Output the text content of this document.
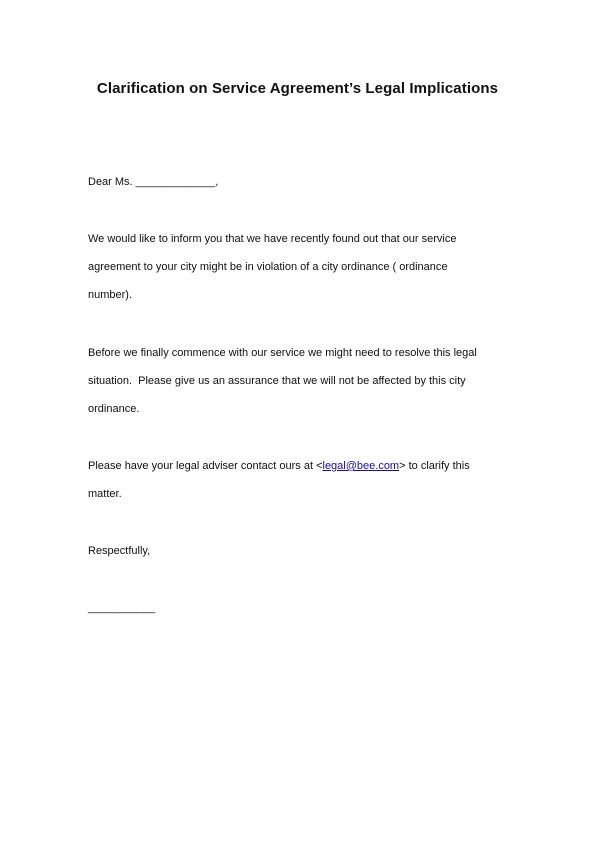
Clarification on Service Agreement’s Legal Implications
Dear Ms. _____________,
We would like to inform you that we have recently found out that our service
agreement to your city might be in violation of a city ordinance ( ordinance
number).
Before we finally commence with our service we might need to resolve this legal
situation.  Please give us an assurance that we will not be affected by this city
ordinance.
Please have your legal adviser contact ours at <legal@bee.com> to clarify this
matter.
Respectfully,
___________
